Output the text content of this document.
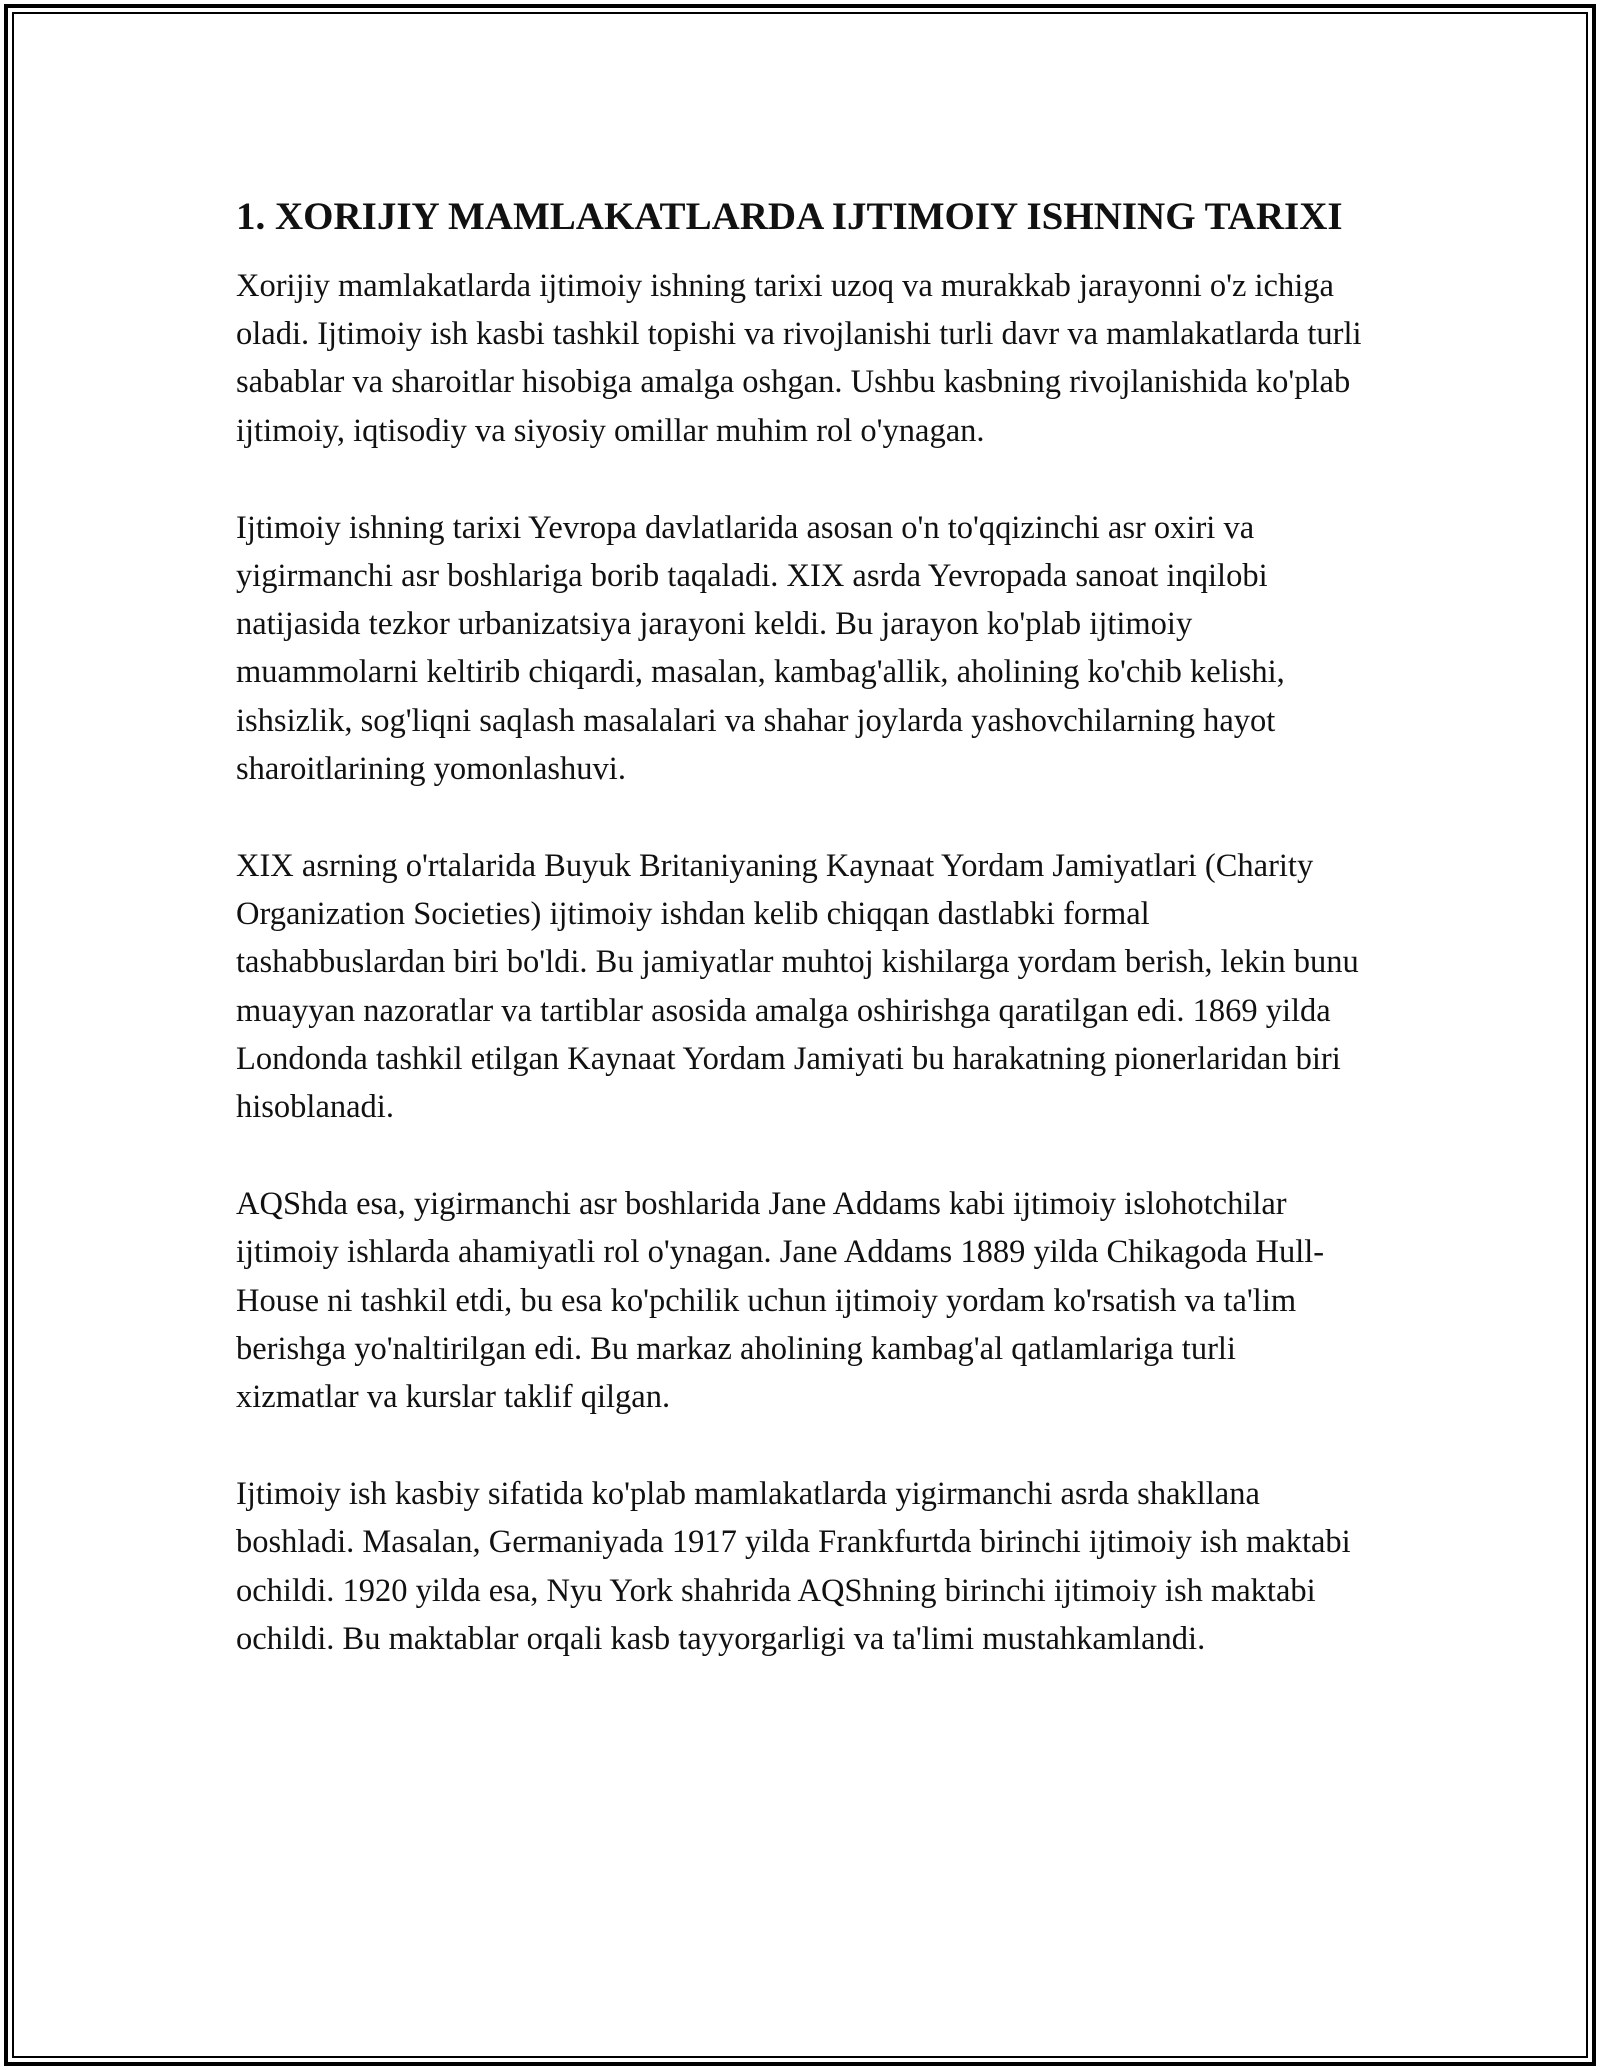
1. XORIJIY MAMLAKATLARDA IJTIMOIY ISHNING TARIXI

Xorijiy mamlakatlarda ijtimoiy ishning tarixi uzoq va murakkab jarayonni o'z ichiga oladi. Ijtimoiy ish kasbi tashkil topishi va rivojlanishi turli davr va mamlakatlarda turli sabablar va sharoitlar hisobiga amalga oshgan. Ushbu kasbning rivojlanishida ko'plab ijtimoiy, iqtisodiy va siyosiy omillar muhim rol o'ynagan.

Ijtimoiy ishning tarixi Yevropa davlatlarida asosan o'n to'qqizinchi asr oxiri va yigirmanchi asr boshlariga borib taqaladi. XIX asrda Yevropada sanoat inqilobi natijasida tezkor urbanizatsiya jarayoni keldi. Bu jarayon ko'plab ijtimoiy muammolarni keltirib chiqardi, masalan, kambag'allik, aholining ko'chib kelishi, ishsizlik, sog'liqni saqlash masalalari va shahar joylarda yashovchilarning hayot sharoitlarining yomonlashuvi.

XIX asrning o'rtalarida Buyuk Britaniyaning Kaynaat Yordam Jamiyatlari (Charity Organization Societies) ijtimoiy ishdan kelib chiqqan dastlabki formal tashabbuslardan biri bo'ldi. Bu jamiyatlar muhtoj kishilarga yordam berish, lekin bunu muayyan nazoratlar va tartiblar asosida amalga oshirishga qaratilgan edi. 1869 yilda Londonda tashkil etilgan Kaynaat Yordam Jamiyati bu harakatning pionerlaridan biri hisoblanadi.

AQShda esa, yigirmanchi asr boshlarida Jane Addams kabi ijtimoiy islohotchilar ijtimoiy ishlarda ahamiyatli rol o'ynagan. Jane Addams 1889 yilda Chikagoda Hull-House ni tashkil etdi, bu esa ko'pchilik uchun ijtimoiy yordam ko'rsatish va ta'lim berishga yo'naltirilgan edi. Bu markaz aholining kambag'al qatlamlariga turli xizmatlar va kurslar taklif qilgan.

Ijtimoiy ish kasbiy sifatida ko'plab mamlakatlarda yigirmanchi asrda shakllana boshladi. Masalan, Germaniyada 1917 yilda Frankfurtda birinchi ijtimoiy ish maktabi ochildi. 1920 yilda esa, Nyu York shahrida AQShning birinchi ijtimoiy ish maktabi ochildi. Bu maktablar orqali kasb tayyorgarligi va ta'limi mustahkamlandi.
